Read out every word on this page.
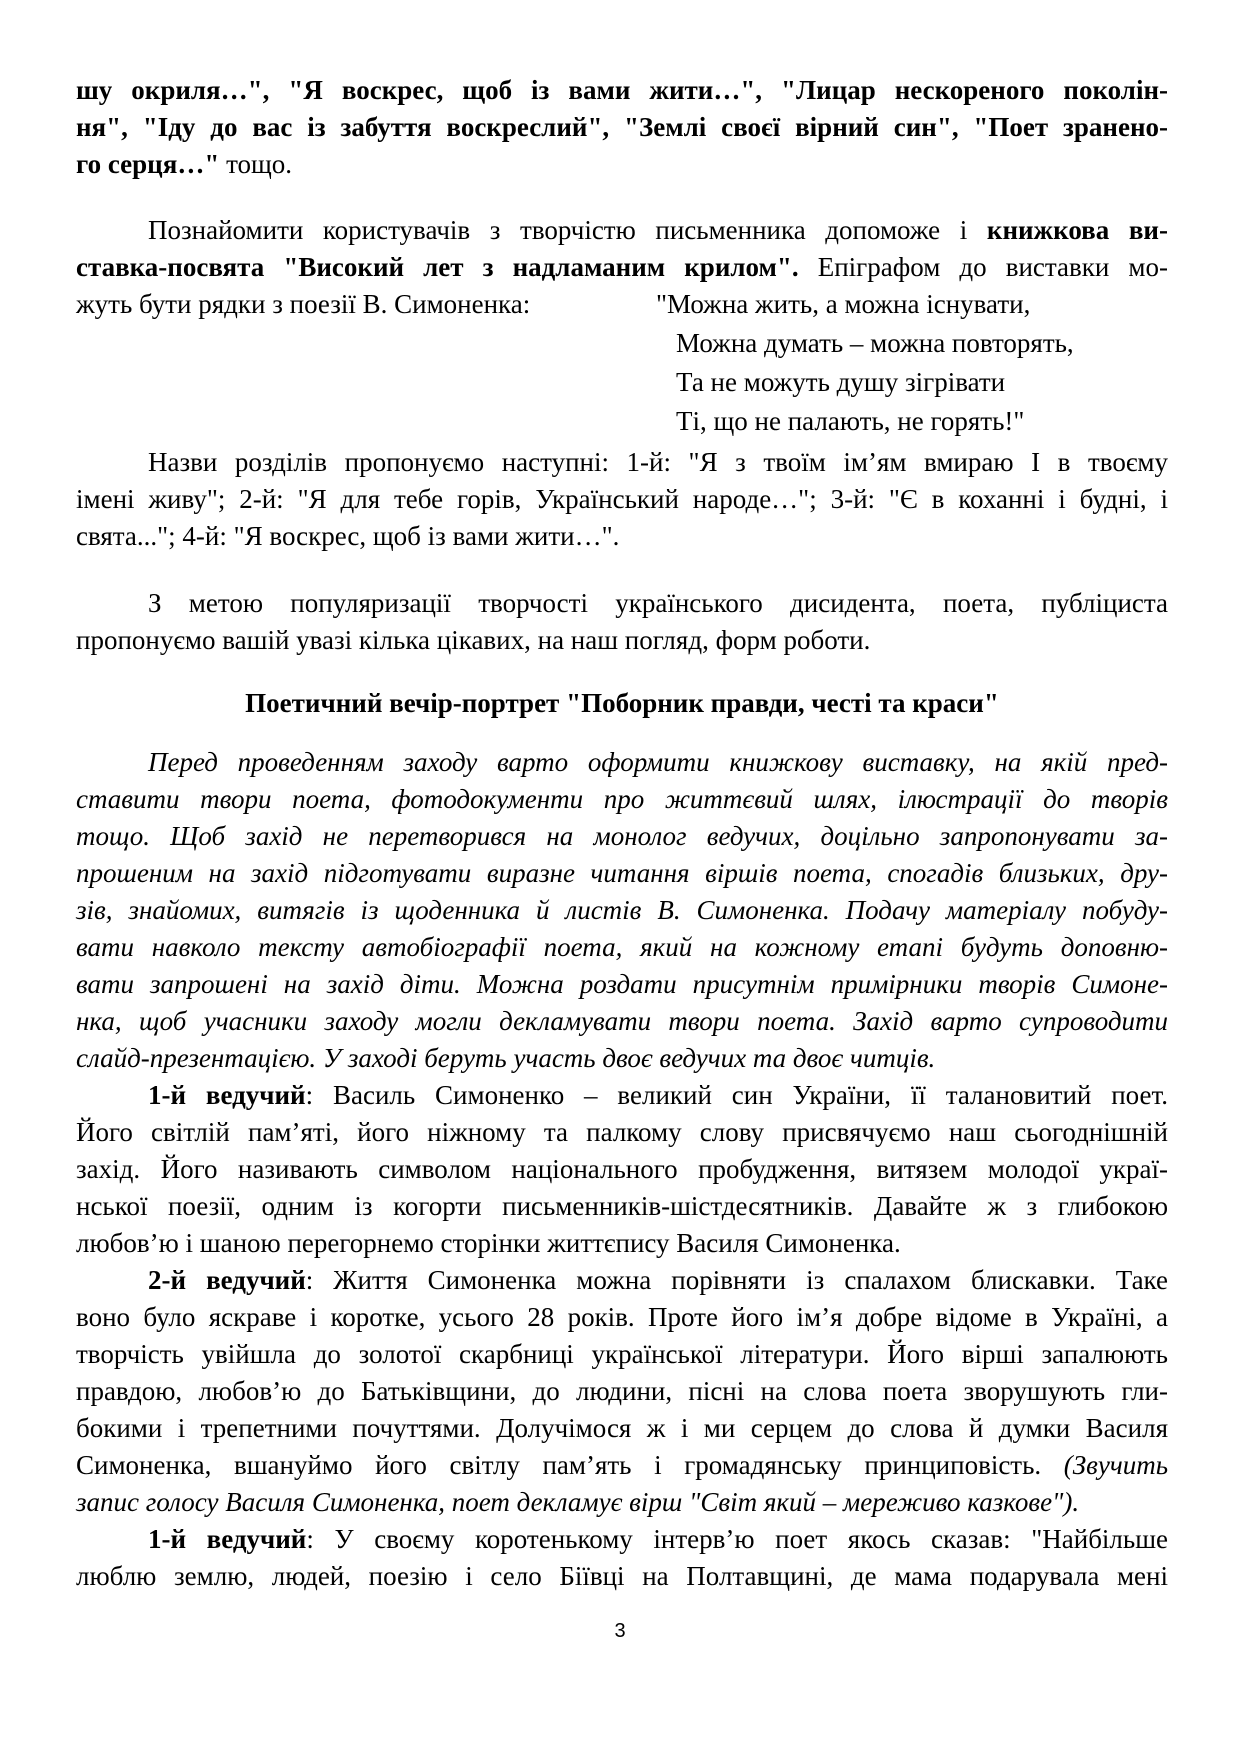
шу окриля…", "Я воскрес, щоб із вами жити…", "Лицар нескореного поколін-
ня", "Іду до вас із забуття воскреслий", "Землі своєї вірний син", "Поет зранено-
го серця…" тощо.
Познайомити користувачів з творчістю письменника допоможе і книжкова ви-
ставка-посвята "Високий лет з надламаним крилом". Епіграфом до виставки мо-
жуть бути рядки з поезії В. Симоненка:	"Можна жить, а можна існувати,
Можна думать – можна повторять,
Та не можуть душу зігрівати
Ті, що не палають, не горять!"
Назви розділів пропонуємо наступні: 1-й: "Я з твоїм ім’ям вмираю І в твоєму
імені живу"; 2-й: "Я для тебе горів, Український народе…"; 3-й: "Є в коханні і будні, і
свята..."; 4-й: "Я воскрес, щоб із вами жити…".
З метою популяризації творчості українського дисидента, поета, публіциста
пропонуємо вашій увазі кілька цікавих, на наш погляд, форм роботи.
Поетичний вечір-портрет "Поборник правди, честі та краси"
Перед проведенням заходу варто оформити книжкову виставку, на якій пред-
ставити твори поета, фотодокументи про життєвий шлях, ілюстрації до творів
тощо. Щоб захід не перетворився на монолог ведучих, доцільно запропонувати за-
прошеним на захід підготувати виразне читання віршів поета, спогадів близьких, дру-
зів, знайомих, витягів із щоденника й листів В. Симоненка. Подачу матеріалу побуду-
вати навколо тексту автобіографії поета, який на кожному етапі будуть доповню-
вати запрошені на захід діти. Можна роздати присутнім примірники творів Симоне-
нка, щоб учасники заходу могли декламувати твори поета. Захід варто супроводити
слайд-презентацією. У заході беруть участь двоє ведучих та двоє читців.
1-й ведучий: Василь Симоненко – великий син України, її талановитий поет.
Його світлій пам’яті, його ніжному та палкому слову присвячуємо наш сьогоднішній
захід. Його називають символом національного пробудження, витязем молодої украї-
нської поезії, одним із когорти письменників-шістдесятників. Давайте ж з глибокою
любов’ю і шаною перегорнемо сторінки життєпису Василя Симоненка.
2-й ведучий: Життя Симоненка можна порівняти із спалахом блискавки. Таке
воно було яскраве і коротке, усього 28 років. Проте його ім’я добре відоме в Україні, а
творчість увійшла до золотої скарбниці української літератури. Його вірші запалюють
правдою, любов’ю до Батьківщини, до людини, пісні на слова поета зворушують гли-
бокими і трепетними почуттями. Долучімося ж і ми серцем до слова й думки Василя
Симоненка, вшануймо його світлу пам’ять і громадянську принциповість. (Звучить
запис голосу Василя Симоненка, поет декламує вірш "Світ який – мереживо казкове").
1-й ведучий: У своєму коротенькому інтерв’ю поет якось сказав: "Найбільше
люблю землю, людей, поезію і село Біївці на Полтавщині, де мама подарувала мені
3
